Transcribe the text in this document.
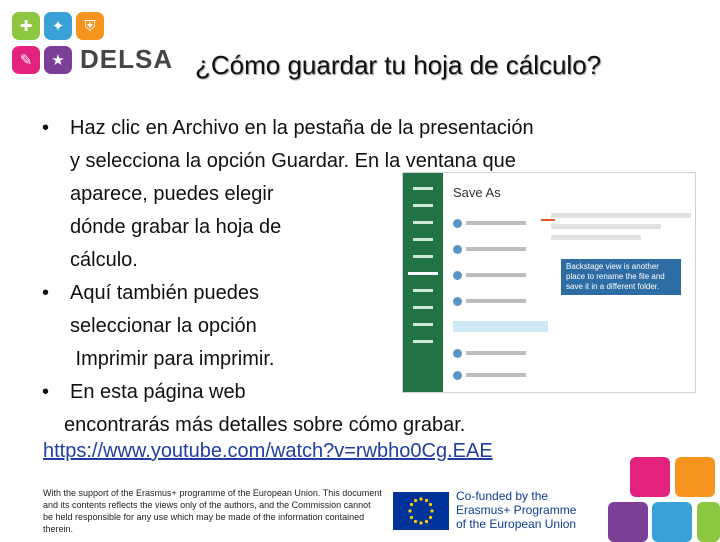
✚	✦	⛨
✎	★ DELSA ¿Cómo guardar tu hoja de cálculo?
• Haz clic en Archivo en la pestaña de la presentación
y selecciona la opción Guardar. En la ventana que
aparece, puedes elegir
dónde grabar la hoja de
cálculo.
• Aquí también puedes
seleccionar la opción
Imprimir para imprimir.
• En esta página web
encontrarás más detalles sobre cómo grabar.
https://www.youtube.com/watch?v=rwbho0Cg.EAE
Save As
Backstage view is another place to rename the file and save it in a different folder.
With the support of the Erasmus+ programme of the European Union. This document and its contents reflects the views only of the authors, and the Commission cannot be held responsible for any use which may be made of the information contained therein.
Co-funded by the
Erasmus+ Programme
of the European Union
